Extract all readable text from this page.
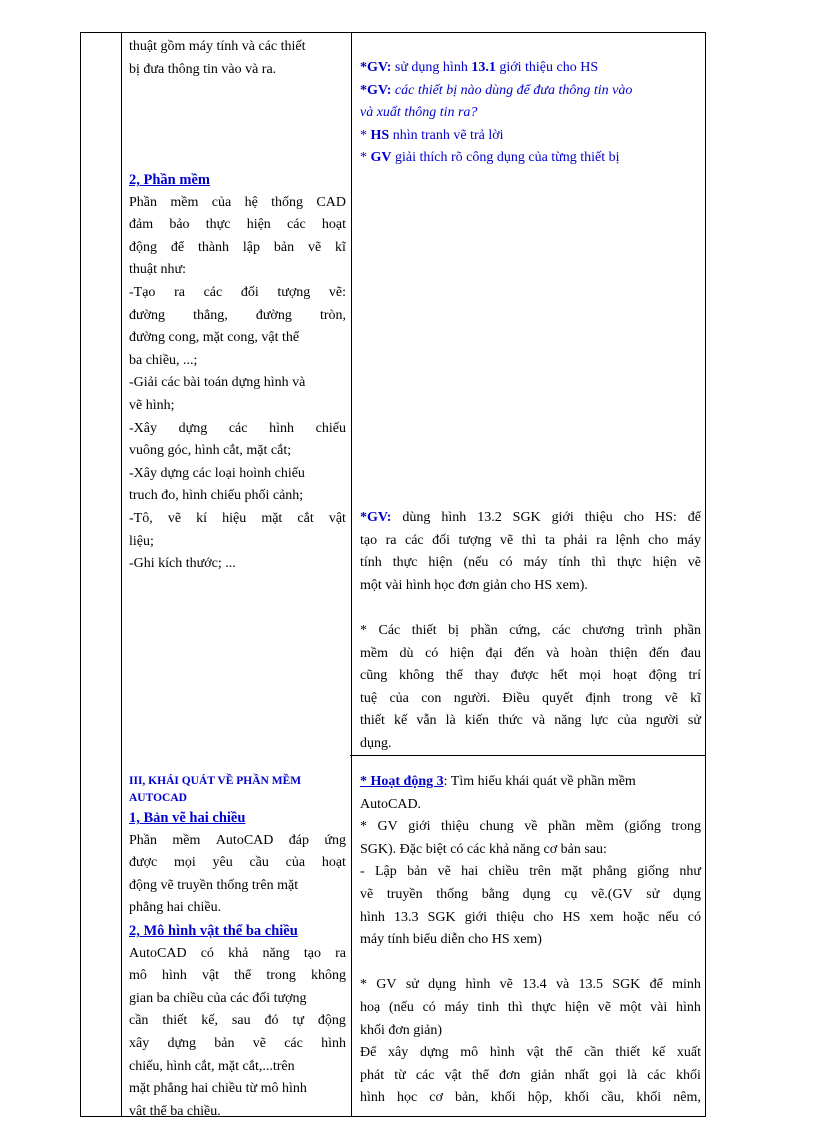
thuật gồm máy tính và các thiết
bị đưa thông tin vào và ra.
2, Phần mềm
Phần mềm của hệ thống CAD
đảm bảo thực hiện các hoạt
động để thành lập bản vẽ kĩ
thuật như:
-Tạo ra các đối tượng vẽ:
đường thẳng, đường tròn,
đường cong, mặt cong, vật thể
ba chiều, ...;
-Giải các bài toán dựng hình và
vẽ hình;
-Xây dựng các hình chiếu
vuông góc, hình cắt, mặt cắt;
-Xây dựng các loại hoình chiếu
truch đo, hình chiếu phối cảnh;
-Tô, vẽ kí hiệu mặt cắt vật
liệu;
-Ghi kích thước; ...
III, KHÁI QUÁT VỀ PHẦN MỀM
AUTOCAD
1, Bản vẽ hai chiều
Phần mềm AutoCAD đáp ứng
được mọi yêu cầu của hoạt
động vẽ truyền thống trên mặt
phẳng hai chiều.
2, Mô hình vật thể ba chiều
AutoCAD có khả năng tạo ra
mô hình vật thể trong không
gian ba chiều của các đối tượng
cần thiết kế, sau đó tự động
xây dựng bản vẽ các hình
chiếu, hình cắt, mặt cắt,...trên
mặt phẳng hai chiều từ mô hình
vật thể ba chiều.
*GV: sử dụng hình 13.1 giới thiệu cho HS
*GV: các thiết bị nào dùng để đưa thông tin vào
và xuất thông tin ra?
* HS nhìn tranh vẽ trả lời
* GV giải thích rõ công dụng của từng thiết bị
*GV: dùng hình 13.2 SGK giới thiệu cho HS: để
tạo ra các đối tượng vẽ thì ta phải ra lệnh cho máy
tính thực hiện (nếu có máy tính thì thực hiện vẽ
một vài hình học đơn giản cho HS xem).
* Các thiết bị phần cứng, các chương trình phần
mềm dù có hiện đại đến và hoàn thiện đến đau
cũng không thể thay được hết mọi hoạt động trí
tuệ của con người. Điều quyết định trong vẽ kĩ
thiết kế vẫn là kiến thức và năng lực của người sử
dụng.
* Hoạt động 3: Tìm hiểu khái quát về phần mềm
AutoCAD.
* GV giới thiệu chung về phần mềm (giống trong
SGK). Đặc biệt có các khả năng cơ bản sau:
- Lập bản vẽ hai chiều trên mặt phẳng giống như
vẽ truyền thống bằng dụng cụ vẽ.(GV sử dụng
hình 13.3 SGK giới thiệu cho HS xem hoặc nếu có
máy tính biểu diễn cho HS xem)
* GV sử dụng hình vẽ 13.4 và 13.5 SGK để minh
hoạ (nếu có máy tinh thì thực hiện vẽ một vài hình
khối đơn giản)
Để xây dựng mô hình vật thể cần thiết kế xuất
phát từ các vật thể đơn giản nhất gọi là các khối
hình học cơ bản, khối hộp, khối cầu, khối nêm,
